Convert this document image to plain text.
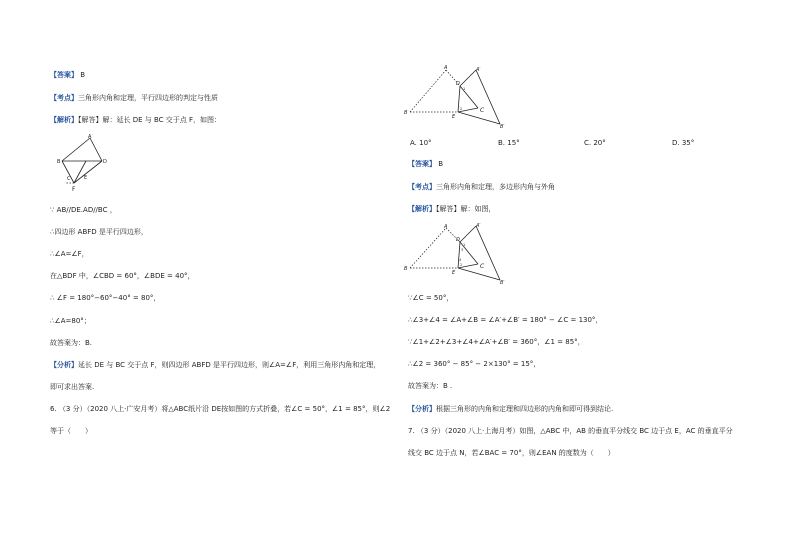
【答案】 B
【考点】三角形内角和定理，平行四边形的判定与性质
【解析】【解答】解：延长 DE 与 BC 交于点 F，如图：
A
B	D
E
C
F
∵ AB//DE.AD//BC ，
∴四边形 ABFD 是平行四边形，
∴∠A=∠F，
在△BDF 中，∠CBD = 60°，∠BDE = 40°，
∴ ∠F = 180°−60°−40° = 80°，
∴∠A=80°；
故答案为：B.
【分析】延长 DE 与 BC 交于点 F，则四边形 ABFD 是平行四边形，则∠A=∠F，利用三角形内角和定理，
即可求出答案.
6. （3 分）（2020 八上·广安月考）将△ABC纸片沿 DE按如图的方式折叠，若∠C = 50°，∠1 = 85°，则∠2
等于（　　）
A	A′
B
B′
C
D
E
1
2
A. 10°	B. 15°	C. 20°	D. 35°
【答案】 B
【考点】三角形内角和定理，多边形内角与外角
【解析】【解答】解：如图，
A	A′
B
B′
C
D
E
1
2
3
4
∵∠C = 50°，
∴∠3+∠4 = ∠A+∠B = ∠A′+∠B′ = 180° − ∠C = 130°，
∵∠1+∠2+∠3+∠4+∠A′+∠B′ = 360°，∠1 = 85°，
∴∠2 = 360° − 85° − 2×130° = 15°，
故答案为：B .
【分析】根据三角形的内角和定理和四边形的内角和即可得到结论.
7. （3 分）（2020 八上·上海月考）如图，△ABC 中，AB 的垂直平分线交 BC 边于点 E，AC 的垂直平分
线交 BC 边于点 N，若∠BAC = 70°，则∠EAN 的度数为（　　）
